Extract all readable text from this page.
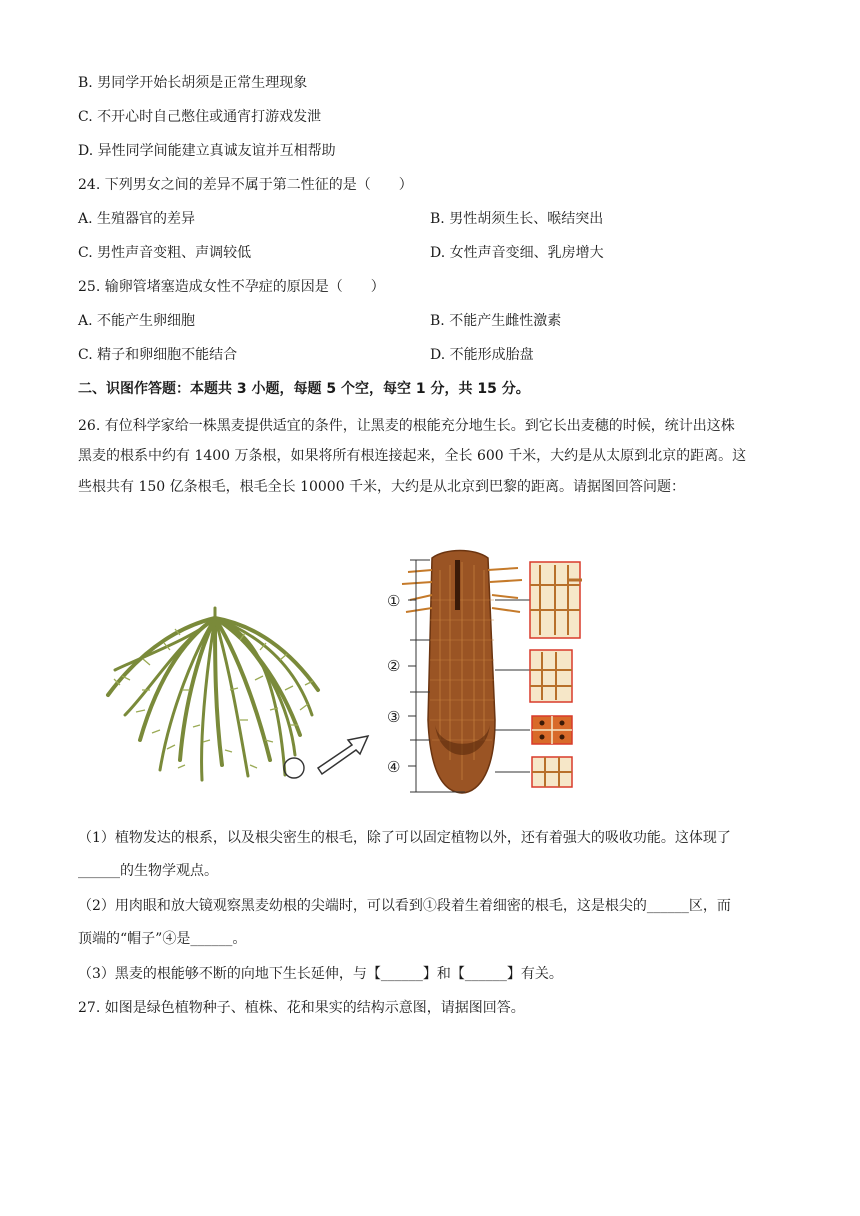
B. 男同学开始长胡须是正常生理现象
C. 不开心时自己憋住或通宵打游戏发泄
D. 异性同学间能建立真诚友谊并互相帮助
24. 下列男女之间的差异不属于第二性征的是（　　）
A. 生殖器官的差异	B. 男性胡须生长、喉结突出
C. 男性声音变粗、声调较低	D. 女性声音变细、乳房增大
25. 输卵管堵塞造成女性不孕症的原因是（　　）
A. 不能产生卵细胞	B. 不能产生雌性激素
C. 精子和卵细胞不能结合	D. 不能形成胎盘
二、识图作答题：本题共 3 小题，每题 5 个空，每空 1 分，共 15 分。
26. 有位科学家给一株黑麦提供适宜的条件，让黑麦的根能充分地生长。到它长出麦穗的时候，统计出这株
黑麦的根系中约有 1400 万条根，如果将所有根连接起来，全长 600 千米，大约是从太原到北京的距离。这
些根共有 150 亿条根毛，根毛全长 10000 千米，大约是从北京到巴黎的距离。请据图回答问题：
①
②
③
④
（1）植物发达的根系，以及根尖密生的根毛，除了可以固定植物以外，还有着强大的吸收功能。这体现了
______的生物学观点。
（2）用肉眼和放大镜观察黑麦幼根的尖端时，可以看到①段着生着细密的根毛，这是根尖的______区，而
顶端的“帽子”④是______。
（3）黑麦的根能够不断的向地下生长延伸，与【______】和【______】有关。
27. 如图是绿色植物种子、植株、花和果实的结构示意图，请据图回答。
